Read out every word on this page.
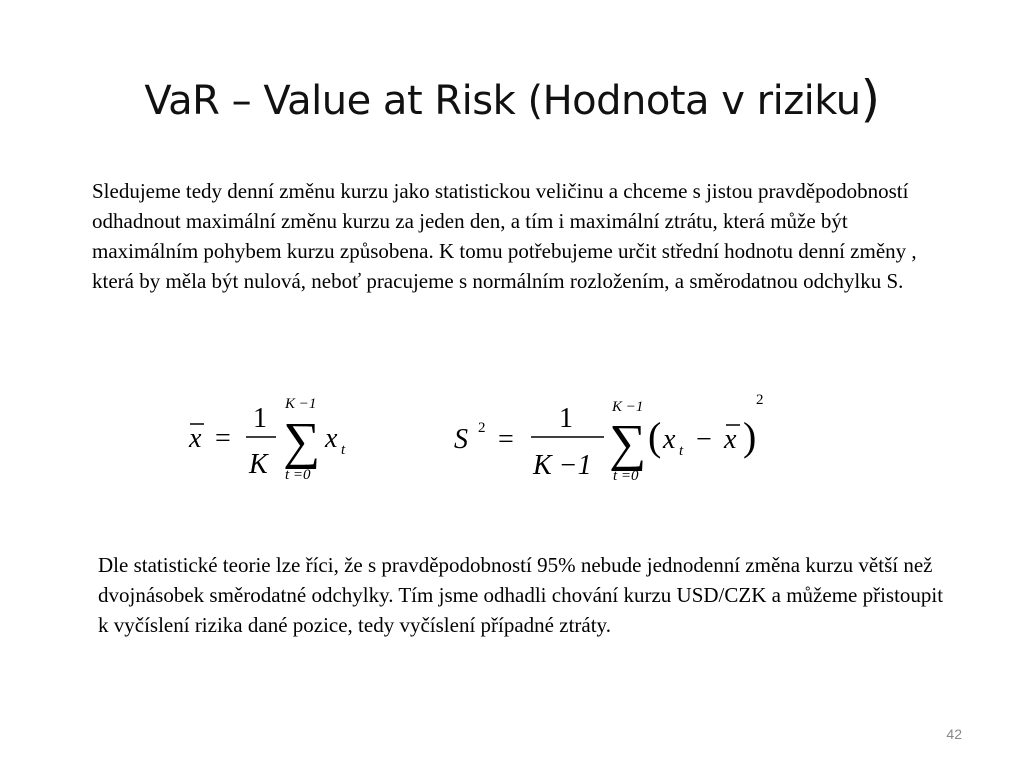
VaR – Value at Risk (Hodnota v riziku)
Sledujeme tedy denní změnu kurzu jako statistickou veličinu a chceme s jistou pravděpodobností odhadnout maximální změnu kurzu za jeden den, a tím i maximální ztrátu, která může být maximálním pohybem kurzu způsobena. K tomu potřebujeme určit střední hodnotu denní změny , která by měla být nulová, neboť pracujeme s normálním rozložením, a směrodatnou odchylku S.
x =
1
K
K −1
∑
t =0
x t	S 2 =
1
K −1
K −1
∑
t =0
( x t − x )
2
Dle statistické teorie lze říci, že s pravděpodobností 95% nebude jednodenní změna kurzu větší než dvojnásobek směrodatné odchylky. Tím jsme odhadli chování kurzu USD/CZK a můžeme přistoupit k vyčíslení rizika dané pozice, tedy vyčíslení případné ztráty.
42
